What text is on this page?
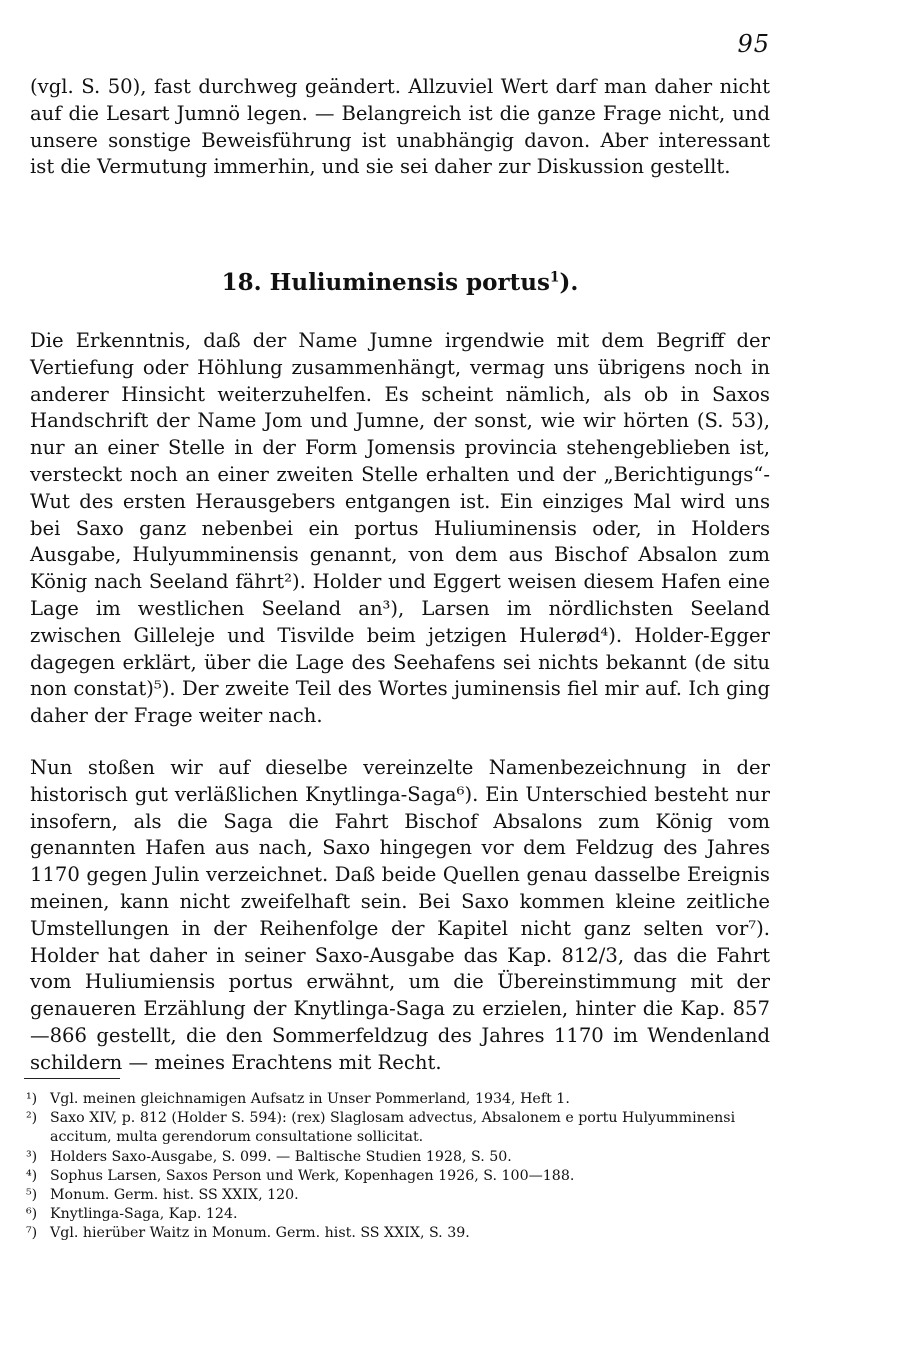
95

(vgl. S. 50), fast durchweg geändert. Allzuviel Wert darf man daher nicht auf die Lesart Jumnö legen. — Belangreich ist die ganze Frage nicht, und unsere sonstige Beweisführung ist unabhängig davon. Aber interessant ist die Vermutung immerhin, und sie sei daher zur Diskussion gestellt.

18. Huliuminensis portus$^1$).

Die Erkenntnis, daß der Name Jumne irgendwie mit dem Begriff der Vertiefung oder Höhlung zusammenhängt, vermag uns übrigens noch in anderer Hinsicht weiterzuhelfen. Es scheint nämlich, als ob in Saxos Handschrift der Name Jom und Jumne, der sonst, wie wir hörten (S. 53), nur an einer Stelle in der Form Jomensis provincia stehengeblieben ist, versteckt noch an einer zweiten Stelle erhalten und der „Berichtigungs“-Wut des ersten Herausgebers entgangen ist. Ein einziges Mal wird uns bei Saxo ganz nebenbei ein portus Huliuminensis oder, in Holders Ausgabe, Hulyumminensis genannt, von dem aus Bischof Absalon zum König nach Seeland fährt²). Holder und Eggert weisen diesem Hafen eine Lage im westlichen Seeland an³), Larsen im nördlichsten Seeland zwischen Gilleleje und Tisvilde beim jetzigen Hulerød⁴). Holder-Egger dagegen erklärt, über die Lage des Seehafens sei nichts bekannt (de situ non constat)⁵). Der zweite Teil des Wortes juminensis fiel mir auf. Ich ging daher der Frage weiter nach.

Nun stoßen wir auf dieselbe vereinzelte Namenbezeichnung in der historisch gut verläßlichen Knytlinga-Saga⁶). Ein Unterschied besteht nur insofern, als die Saga die Fahrt Bischof Absalons zum König vom genannten Hafen aus nach, Saxo hingegen vor dem Feldzug des Jahres 1170 gegen Julin verzeichnet. Daß beide Quellen genau dasselbe Ereignis meinen, kann nicht zweifelhaft sein. Bei Saxo kommen kleine zeitliche Umstellungen in der Reihenfolge der Kapitel nicht ganz selten vor⁷). Holder hat daher in seiner Saxo-Ausgabe das Kap. 812/3, das die Fahrt vom Huliumiensis portus erwähnt, um die Übereinstimmung mit der genaueren Erzählung der Knytlinga-Saga zu erzielen, hinter die Kap. 857—866 gestellt, die den Sommerfeldzug des Jahres 1170 im Wendenland schildern — meines Erachtens mit Recht.

¹) Vgl. meinen gleichnamigen Aufsatz in Unser Pommerland, 1934, Heft 1.

²) Saxo XIV, p. 812 (Holder S. 594): (rex) Slaglosam advectus, Absalonem e portu Hulyumminensi accitum, multa gerendorum consultatione sollicitat.

³) Holders Saxo-Ausgabe, S. 099. — Baltische Studien 1928, S. 50.

⁴) Sophus Larsen, Saxos Person und Werk, Kopenhagen 1926, S. 100—188.

⁵) Monum. Germ. hist. SS XXIX, 120.

⁶) Knytlinga-Saga, Kap. 124.

⁷) Vgl. hierüber Waitz in Monum. Germ. hist. SS XXIX, S. 39.
